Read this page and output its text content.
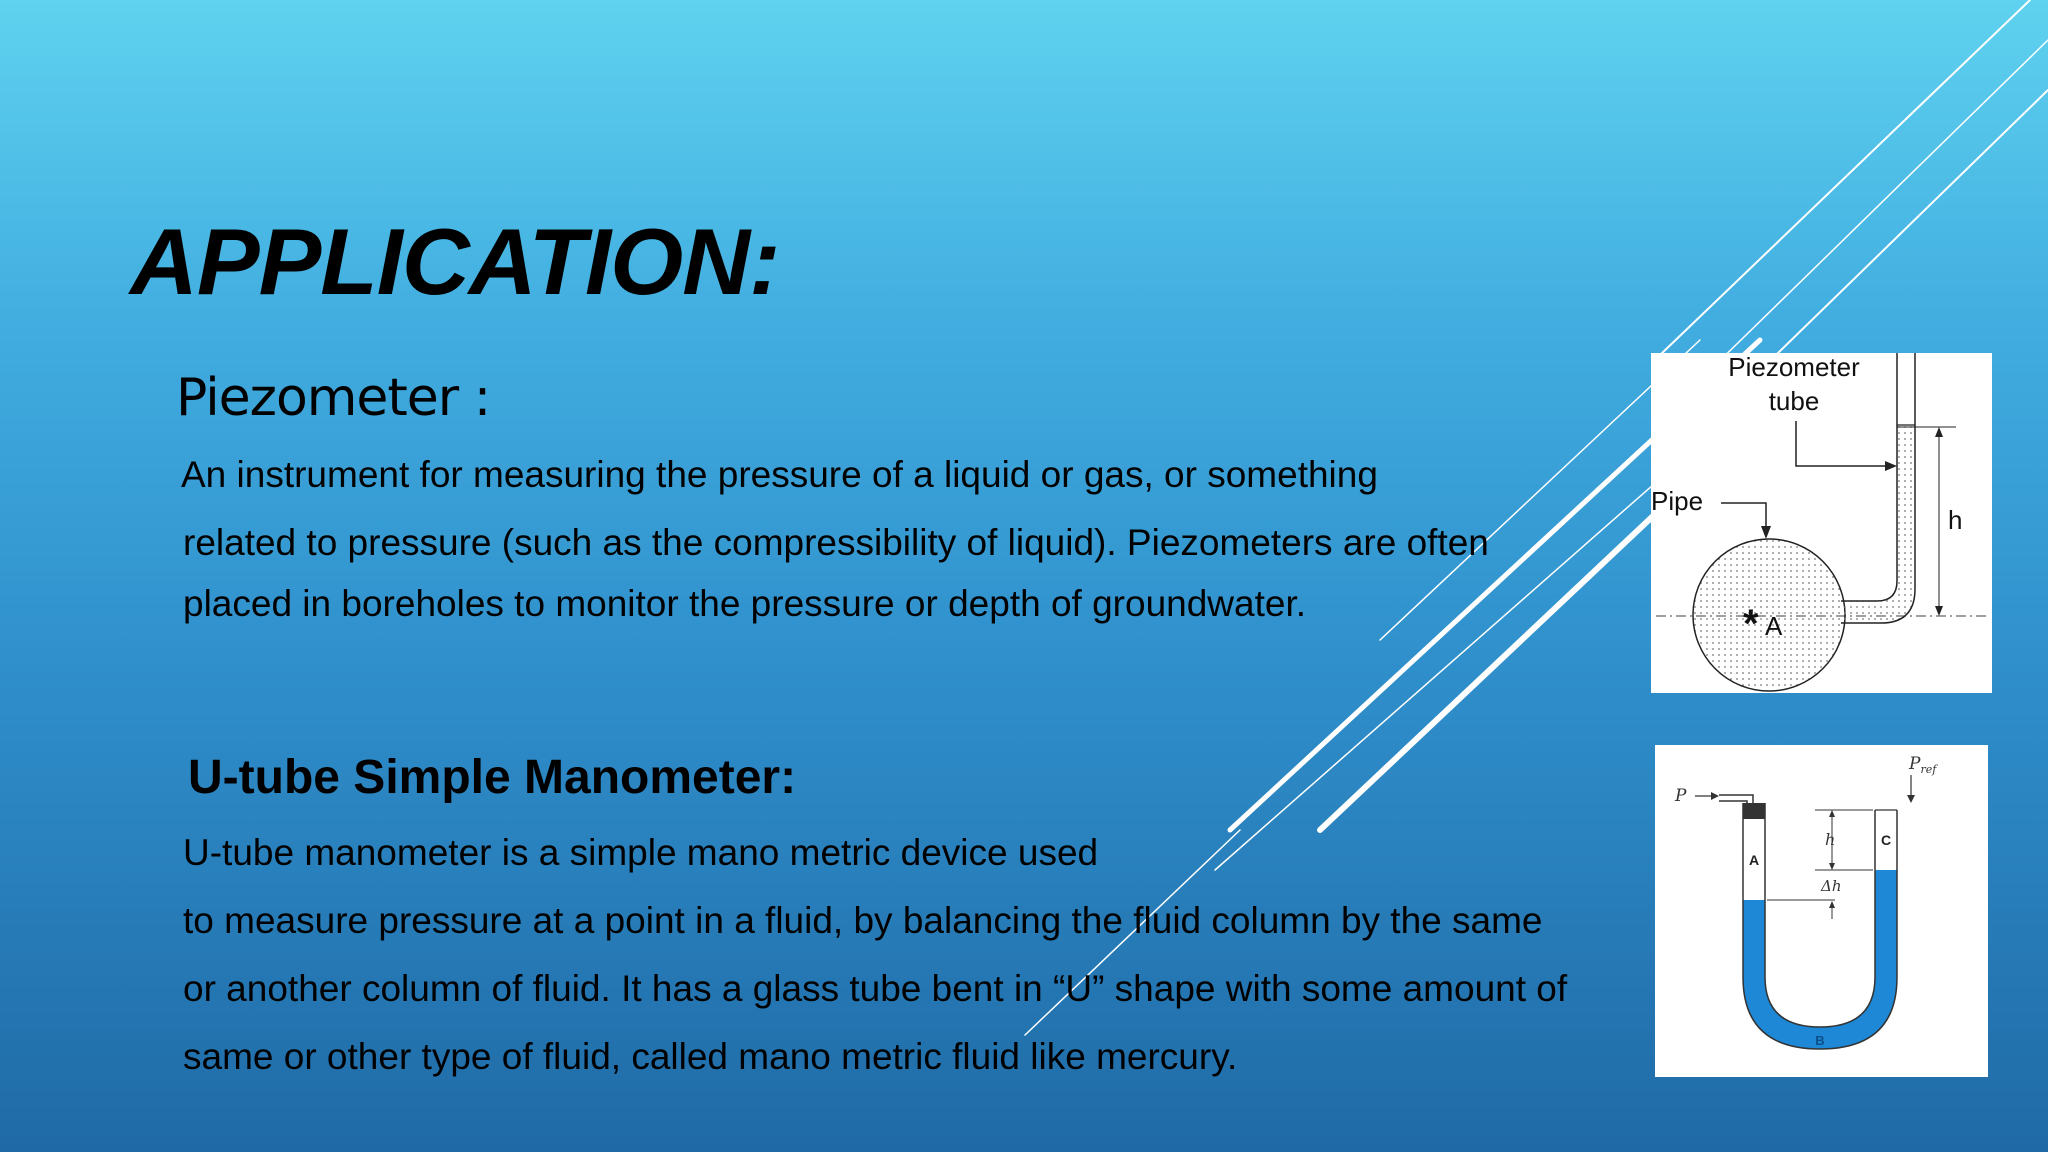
APPLICATION:
Piezometer :

An instrument for measuring the pressure of a liquid or gas, or something

related to pressure (such as the compressibility of liquid). Piezometers are often

placed in boreholes to monitor the pressure or depth of groundwater.

U-tube Simple Manometer:

U-tube manometer is a simple mano metric device used

to measure pressure at a point in a fluid, by balancing the fluid column by the same

or another column of fluid. It has a glass tube bent in “U” shape with some amount of

same or other type of fluid, called mano metric fluid like mercury.

h
Piezometer
tube
Pipe
* A
P
$P_{ref}$
h
Δh
A
C
B
